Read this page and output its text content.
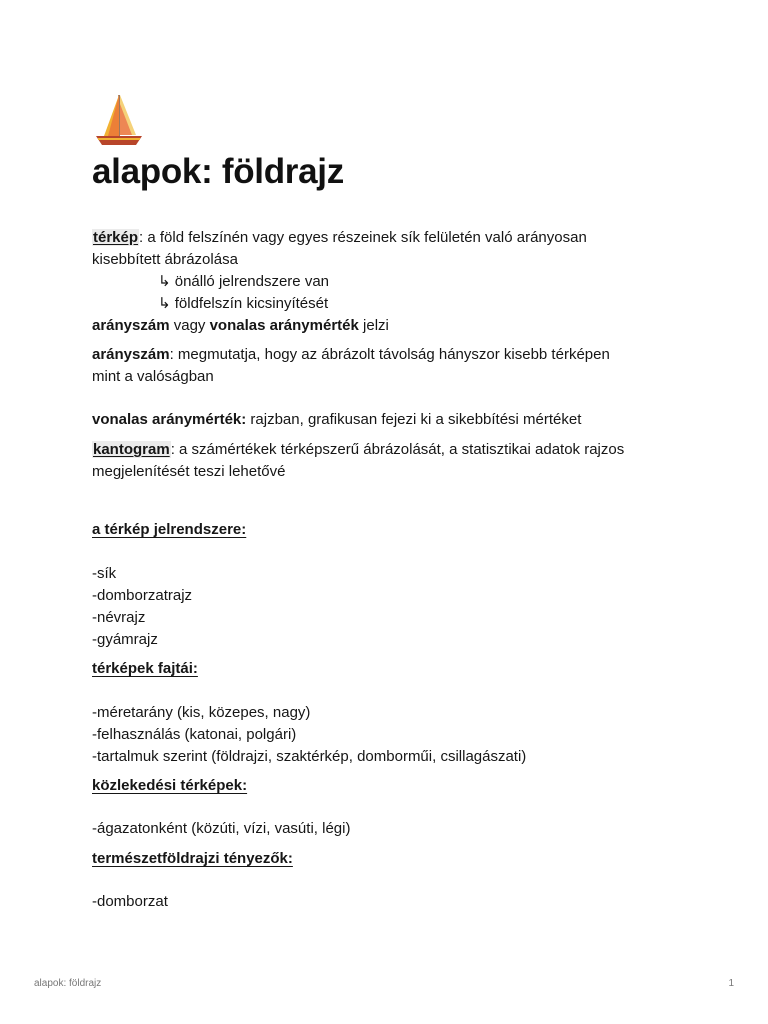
alapok: földrajz
térkép: a föld felszínén vagy egyes részeinek sík felületén való arányosan
kisebbített ábrázolása
↳ önálló jelrendszere van
↳ földfelszín kicsinyítését
arányszám vagy vonalas aránymérték jelzi
arányszám: megmutatja, hogy az ábrázolt távolság hányszor kisebb térképen
mint a valóságban
vonalas aránymérték: rajzban, grafikusan fejezi ki a sikebbítési mértéket
kantogram: a számértékek térképszerű ábrázolását, a statisztikai adatok rajzos
megjelenítését teszi lehetővé
a térkép jelrendszere:
-sík
-domborzatrajz
-névrajz
-gyámrajz
térképek fajtái:
-méretarány (kis, közepes, nagy)
-felhasználás (katonai, polgári)
-tartalmuk szerint (földrajzi, szaktérkép, domborműi, csillagászati)
közlekedési térképek:
-ágazatonként (közúti, vízi, vasúti, légi)
természetföldrajzi tényezők:
-domborzat
alapok: földrajz	1
